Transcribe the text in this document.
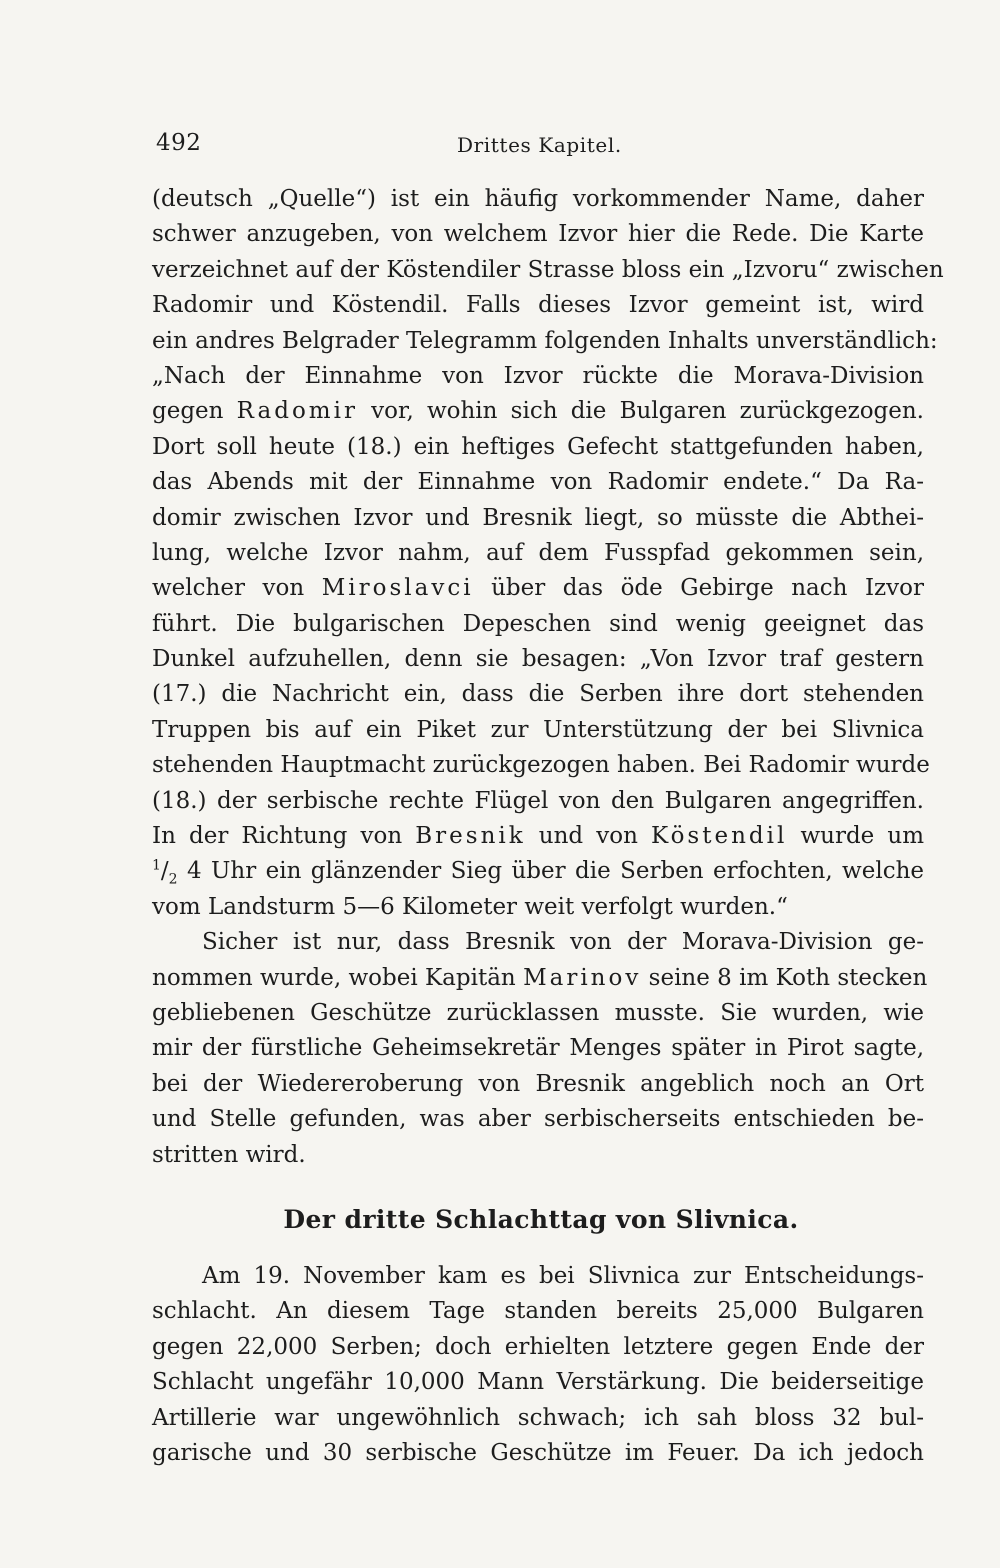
492	Drittes Kapitel.
(deutsch „Quelle“) ist ein häufig vorkommender Name, daher
schwer anzugeben, von welchem Izvor hier die Rede. Die Karte
verzeichnet auf der Köstendiler Strasse bloss ein „Izvoru“ zwischen
Radomir und Köstendil. Falls dieses Izvor gemeint ist, wird
ein andres Belgrader Telegramm folgenden Inhalts unverständlich:
„Nach der Einnahme von Izvor rückte die Morava-Division
gegen Radomir vor, wohin sich die Bulgaren zurückgezogen.
Dort soll heute (18.) ein heftiges Gefecht stattgefunden haben,
das Abends mit der Einnahme von Radomir endete.“ Da Ra-
domir zwischen Izvor und Bresnik liegt, so müsste die Abthei-
lung, welche Izvor nahm, auf dem Fusspfad gekommen sein,
welcher von Miroslavci über das öde Gebirge nach Izvor
führt. Die bulgarischen Depeschen sind wenig geeignet das
Dunkel aufzuhellen, denn sie besagen: „Von Izvor traf gestern
(17.) die Nachricht ein, dass die Serben ihre dort stehenden
Truppen bis auf ein Piket zur Unterstützung der bei Slivnica
stehenden Hauptmacht zurückgezogen haben. Bei Radomir wurde
(18.) der serbische rechte Flügel von den Bulgaren angegriffen.
In der Richtung von Bresnik und von Köstendil wurde um
$^1/_2$ 4 Uhr ein glänzender Sieg über die Serben erfochten, welche
vom Landsturm 5—6 Kilometer weit verfolgt wurden.“
Sicher ist nur, dass Bresnik von der Morava-Division ge-
nommen wurde, wobei Kapitän Marinov seine 8 im Koth stecken
gebliebenen Geschütze zurücklassen musste. Sie wurden, wie
mir der fürstliche Geheimsekretär Menges später in Pirot sagte,
bei der Wiedereroberung von Bresnik angeblich noch an Ort
und Stelle gefunden, was aber serbischerseits entschieden be-
stritten wird.
Der dritte Schlachttag von Slivnica.
Am 19. November kam es bei Slivnica zur Entscheidungs-
schlacht. An diesem Tage standen bereits 25,000 Bulgaren
gegen 22,000 Serben; doch erhielten letztere gegen Ende der
Schlacht ungefähr 10,000 Mann Verstärkung. Die beiderseitige
Artillerie war ungewöhnlich schwach; ich sah bloss 32 bul-
garische und 30 serbische Geschütze im Feuer. Da ich jedoch
